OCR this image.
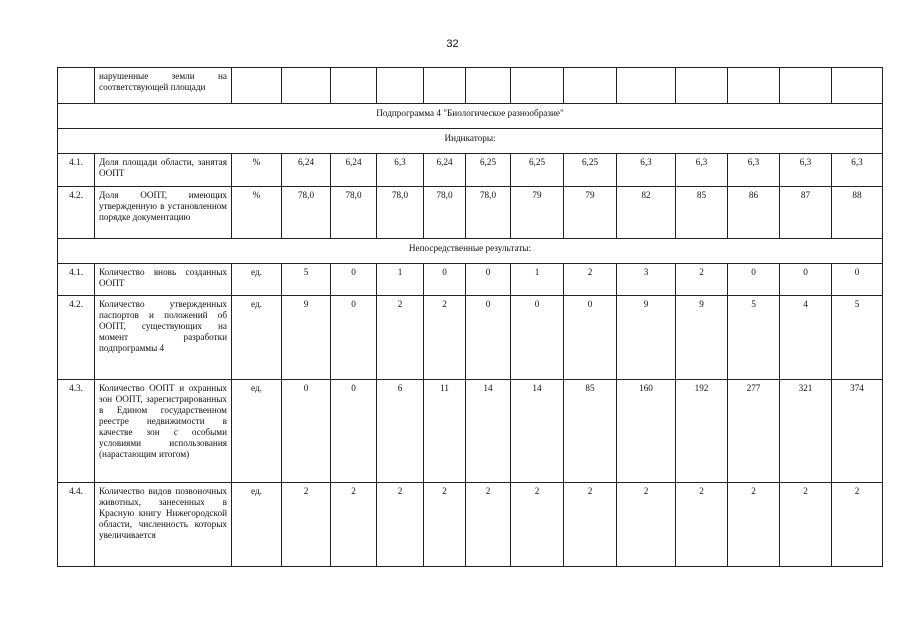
32
	нарушенные земли на соответствующей площади													
Подпрограмма 4 "Биологическое разнообразие"														
Индикаторы:														
4.1.	Доля площади области, занятая ООПТ	%	6,24	6,24	6,3	6,24	6,25	6,25	6,25	6,3	6,3	6,3	6,3	6,3
4.2.	Доля ООПТ, имеющих утвержденную в установленном порядке документацию	%	78,0	78,0	78,0	78,0	78,0	79	79	82	85	86	87	88
Непосредственные результаты:														
4.1.	Количество вновь созданных ООПТ	ед.	5	0	1	0	0	1	2	3	2	0	0	0
4.2.	Количество утвержденных паспортов и положений об ООПТ, существующих на момент разработки подпрограммы 4	ед.	9	0	2	2	0	0	0	9	9	5	4	5
4.3.	Количество ООПТ и охранных зон ООПТ, зарегистрированных в Едином государственном реестре недвижимости в качестве зон с особыми условиями использования (нарастающим итогом)	ед.	0	0	6	11	14	14	85	160	192	277	321	374
4.4.	Количество видов позвоночных животных, занесенных в Красную книгу Нижегородской области, численность которых увеличивается	ед.	2	2	2	2	2	2	2	2	2	2	2	2
